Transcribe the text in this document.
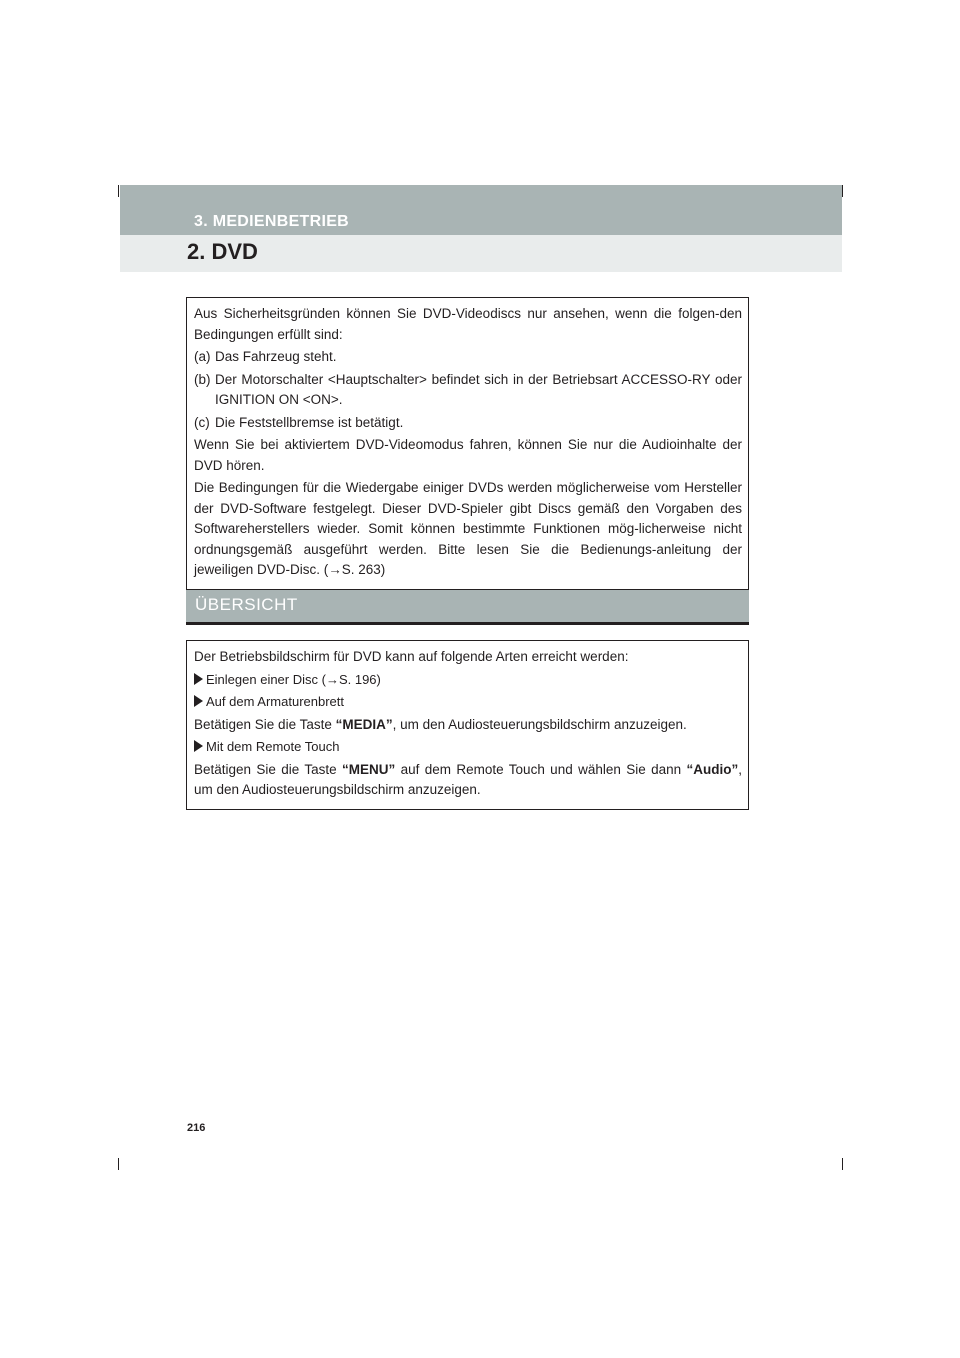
3. MEDIENBETRIEB
2. DVD

Aus Sicherheitsgründen können Sie DVD-Videodiscs nur ansehen, wenn die folgen-den Bedingungen erfüllt sind:

(a) Das Fahrzeug steht.

(b) Der Motorschalter <Hauptschalter> befindet sich in der Betriebsart ACCESSO-RY oder IGNITION ON <ON>.

(c) Die Feststellbremse ist betätigt.

Wenn Sie bei aktiviertem DVD-Videomodus fahren, können Sie nur die Audioinhalte der DVD hören.

Die Bedingungen für die Wiedergabe einiger DVDs werden möglicherweise vom Hersteller der DVD-Software festgelegt. Dieser DVD-Spieler gibt Discs gemäß den Vorgaben des Softwareherstellers wieder. Somit können bestimmte Funktionen mög-licherweise nicht ordnungsgemäß ausgeführt werden. Bitte lesen Sie die Bedienungs-anleitung der jeweiligen DVD-Disc. (→S. 263)

ÜBERSICHT

Der Betriebsbildschirm für DVD kann auf folgende Arten erreicht werden:

Einlegen einer Disc (→S. 196)

Auf dem Armaturenbrett

Betätigen Sie die Taste “MEDIA”, um den Audiosteuerungsbildschirm anzuzeigen.

Mit dem Remote Touch

Betätigen Sie die Taste “MENU” auf dem Remote Touch und wählen Sie dann “Audio”, um den Audiosteuerungsbildschirm anzuzeigen.

216
